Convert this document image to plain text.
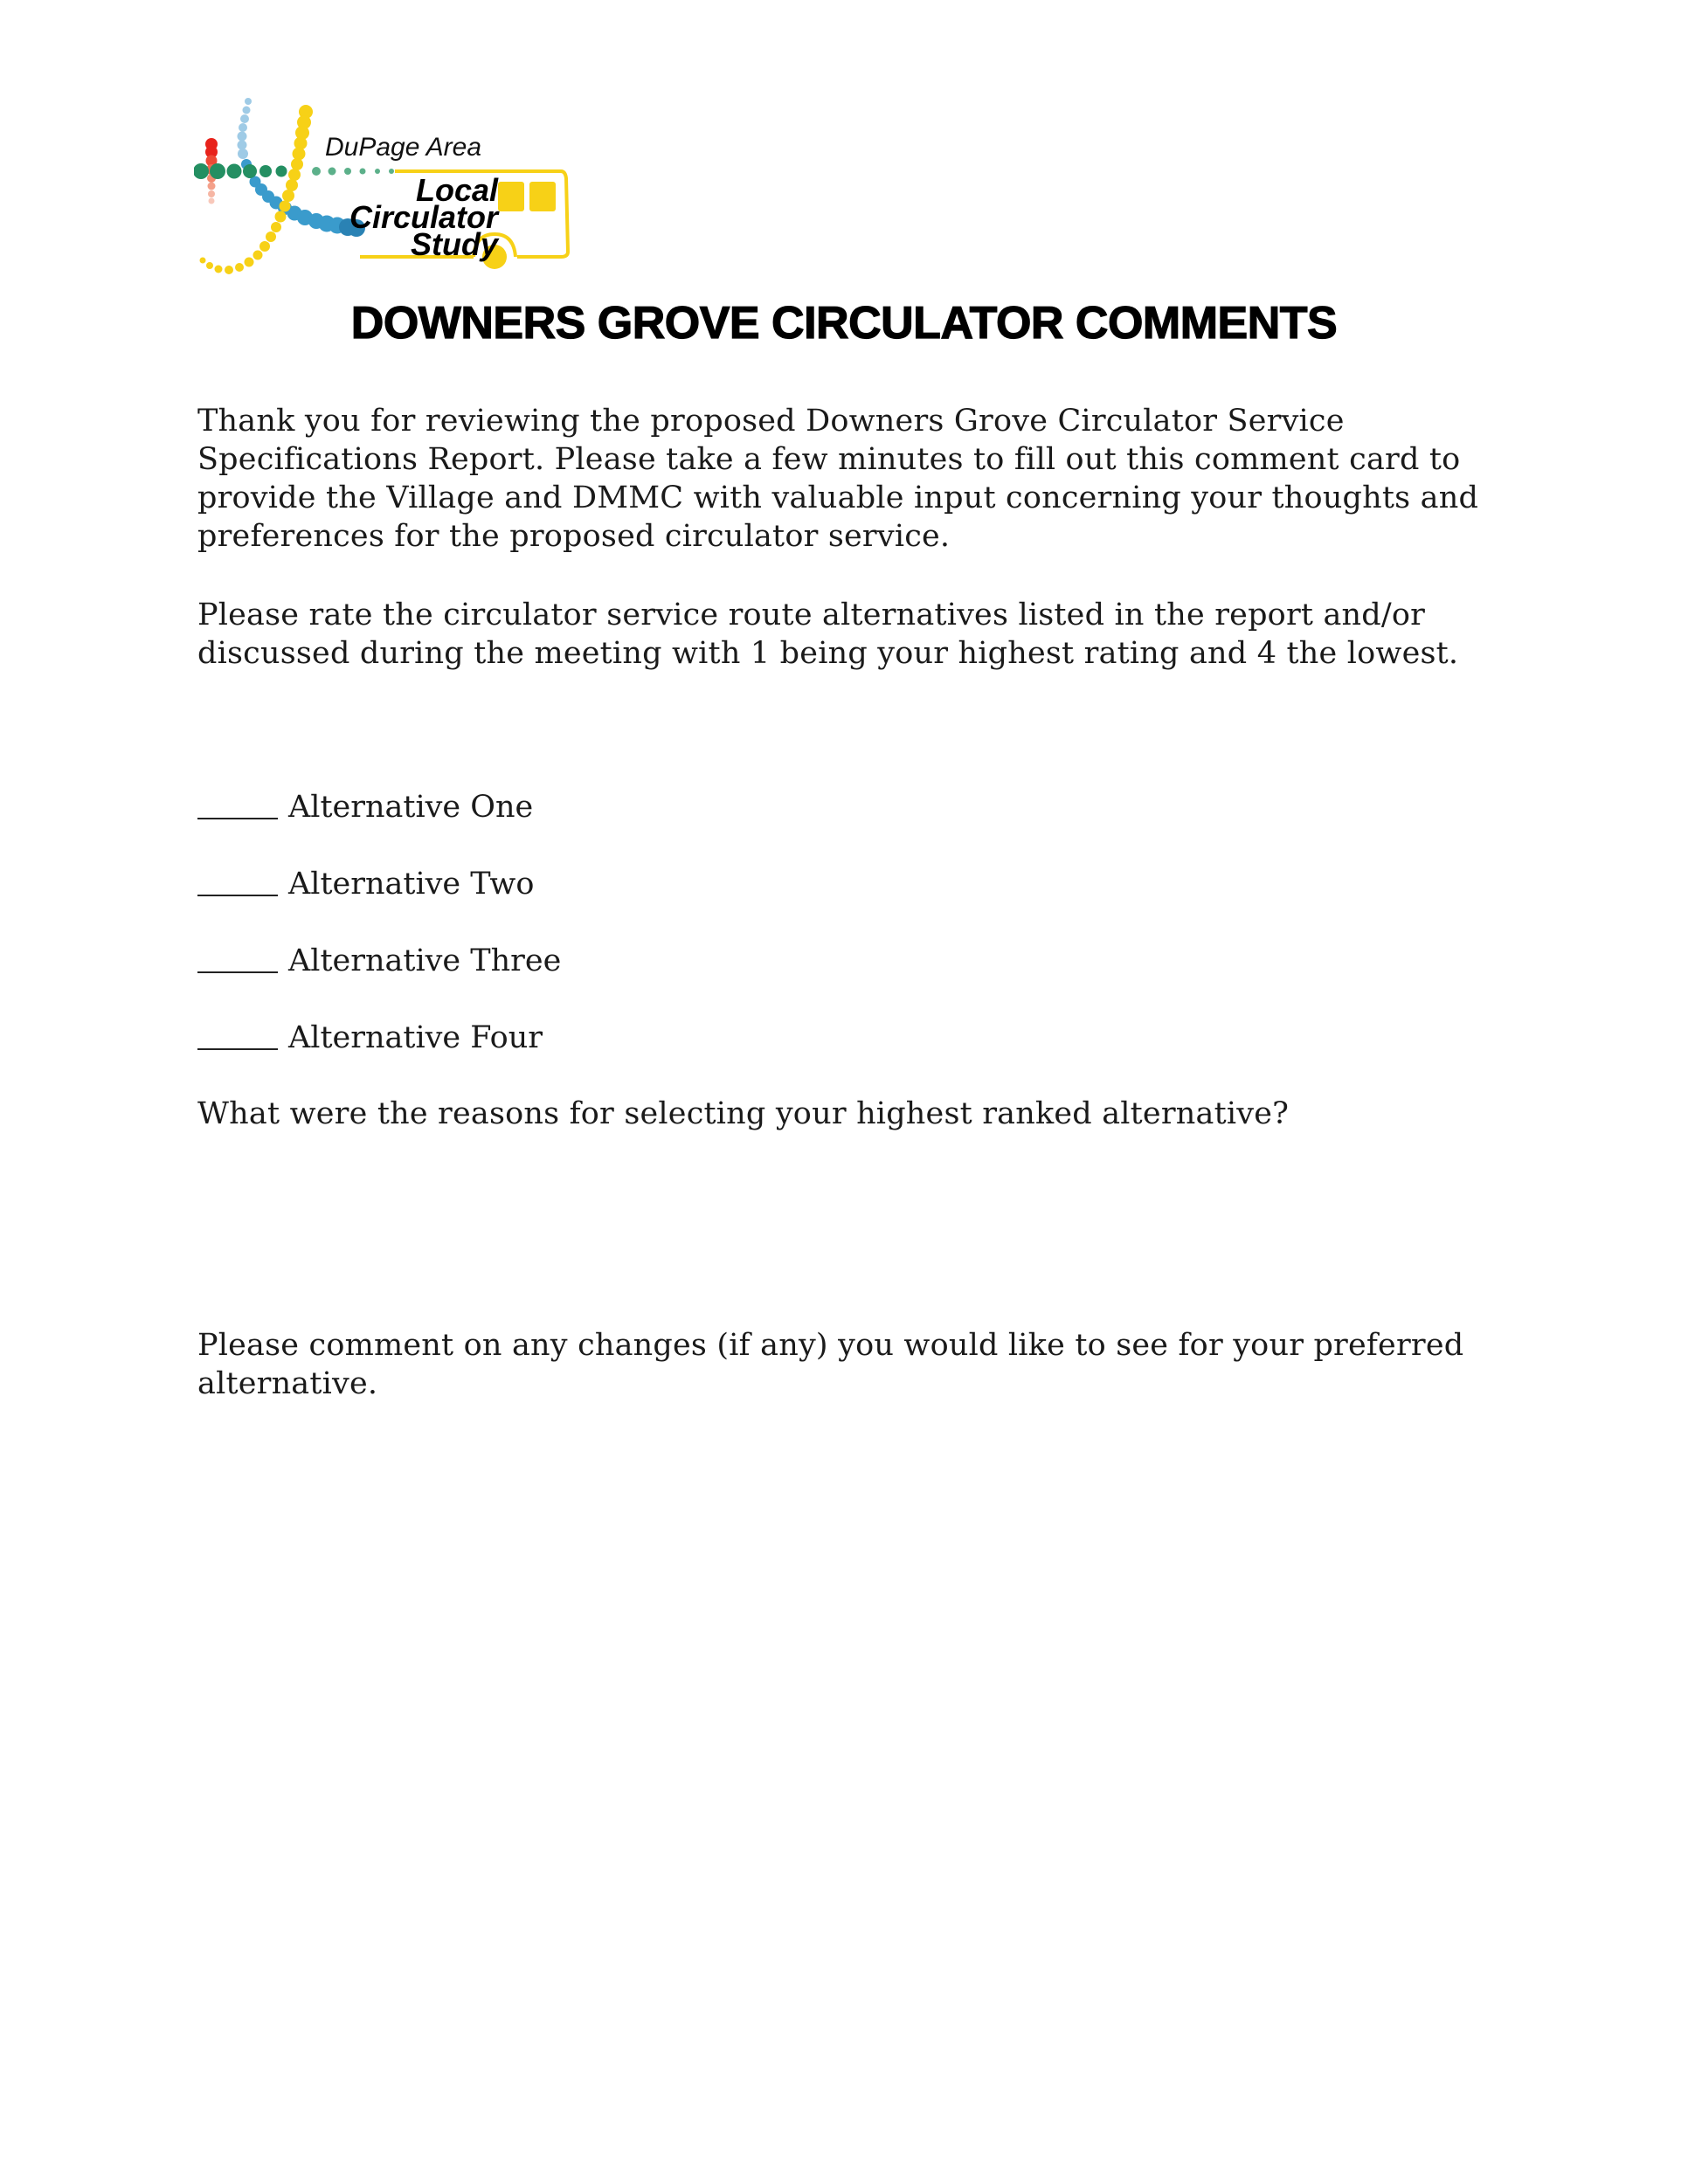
DuPage Area
Local
Circulator
Study
DOWNERS GROVE CIRCULATOR COMMENTS

Thank you for reviewing the proposed Downers Grove Circulator Service Specifications Report. Please take a few minutes to fill out this comment card to provide the Village and DMMC with valuable input concerning your thoughts and preferences for the proposed circulator service.

Please rate the circulator service route alternatives listed in the report and/or discussed during the meeting with 1 being your highest rating and 4 the lowest.

Alternative One
Alternative Two
Alternative Three
Alternative Four

What were the reasons for selecting your highest ranked alternative?

Please comment on any changes (if any) you would like to see for your preferred alternative.
